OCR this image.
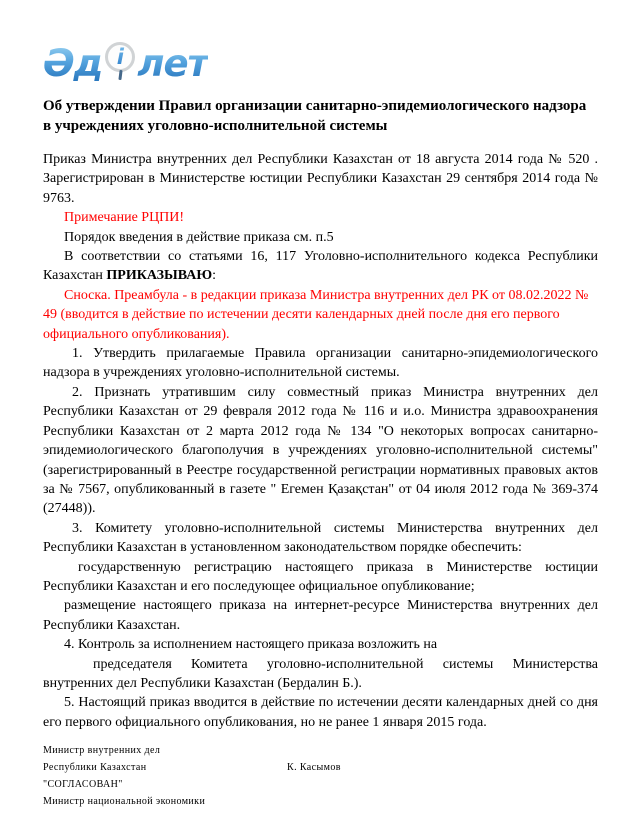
Әд і лет
Об утверждении Правил организации санитарно-эпидемиологического надзора в учреждениях уголовно-исполнительной системы

Приказ Министра внутренних дел Республики Казахстан от 18 августа 2014 года № 520 . Зарегистрирован в Министерстве юстиции Республики Казахстан 29 сентября 2014 года № 9763.

Примечание РЦПИ!

Порядок введения в действие приказа см. п.5

В соответствии со статьями 16, 117 Уголовно-исполнительного кодекса Республики Казахстан ПРИКАЗЫВАЮ:

Сноска. Преамбула - в редакции приказа Министра внутренних дел РК от 08.02.2022 № 49 (вводится в действие по истечении десяти календарных дней после дня его первого официального опубликования).

1. Утвердить прилагаемые Правила организации санитарно-эпидемиологического надзора в учреждениях уголовно-исполнительной системы.

2. Признать утратившим силу совместный приказ Министра внутренних дел Республики Казахстан от 29 февраля 2012 года № 116 и и.о. Министра здравоохранения Республики Казахстан от 2 марта 2012 года № 134 "О некоторых вопросах санитарно-эпидемиологического благополучия в учреждениях уголовно-исполнительной системы" (зарегистрированный в Реестре государственной регистрации нормативных правовых актов за № 7567, опубликованный в газете " Егемен Қазақстан" от 04 июля 2012 года № 369-374 (27448)).

3. Комитету уголовно-исполнительной системы Министерства внутренних дел Республики Казахстан в установленном законодательством порядке обеспечить:

государственную регистрацию настоящего приказа в Министерстве юстиции Республики Казахстан и его последующее официальное опубликование;

размещение настоящего приказа на интернет-ресурсе Министерства внутренних дел Республики Казахстан.

4. Контроль за исполнением настоящего приказа возложить на

председателя Комитета уголовно-исполнительной системы Министерства внутренних дел Республики Казахстан (Бердалин Б.).

5. Настоящий приказ вводится в действие по истечении десяти календарных дней со дня его первого официального опубликования, но не ранее 1 января 2015 года.

Министр внутренних дел

Республики Казахстан	К. Касымов

"СОГЛАСОВАН"

Министр национальной экономики
